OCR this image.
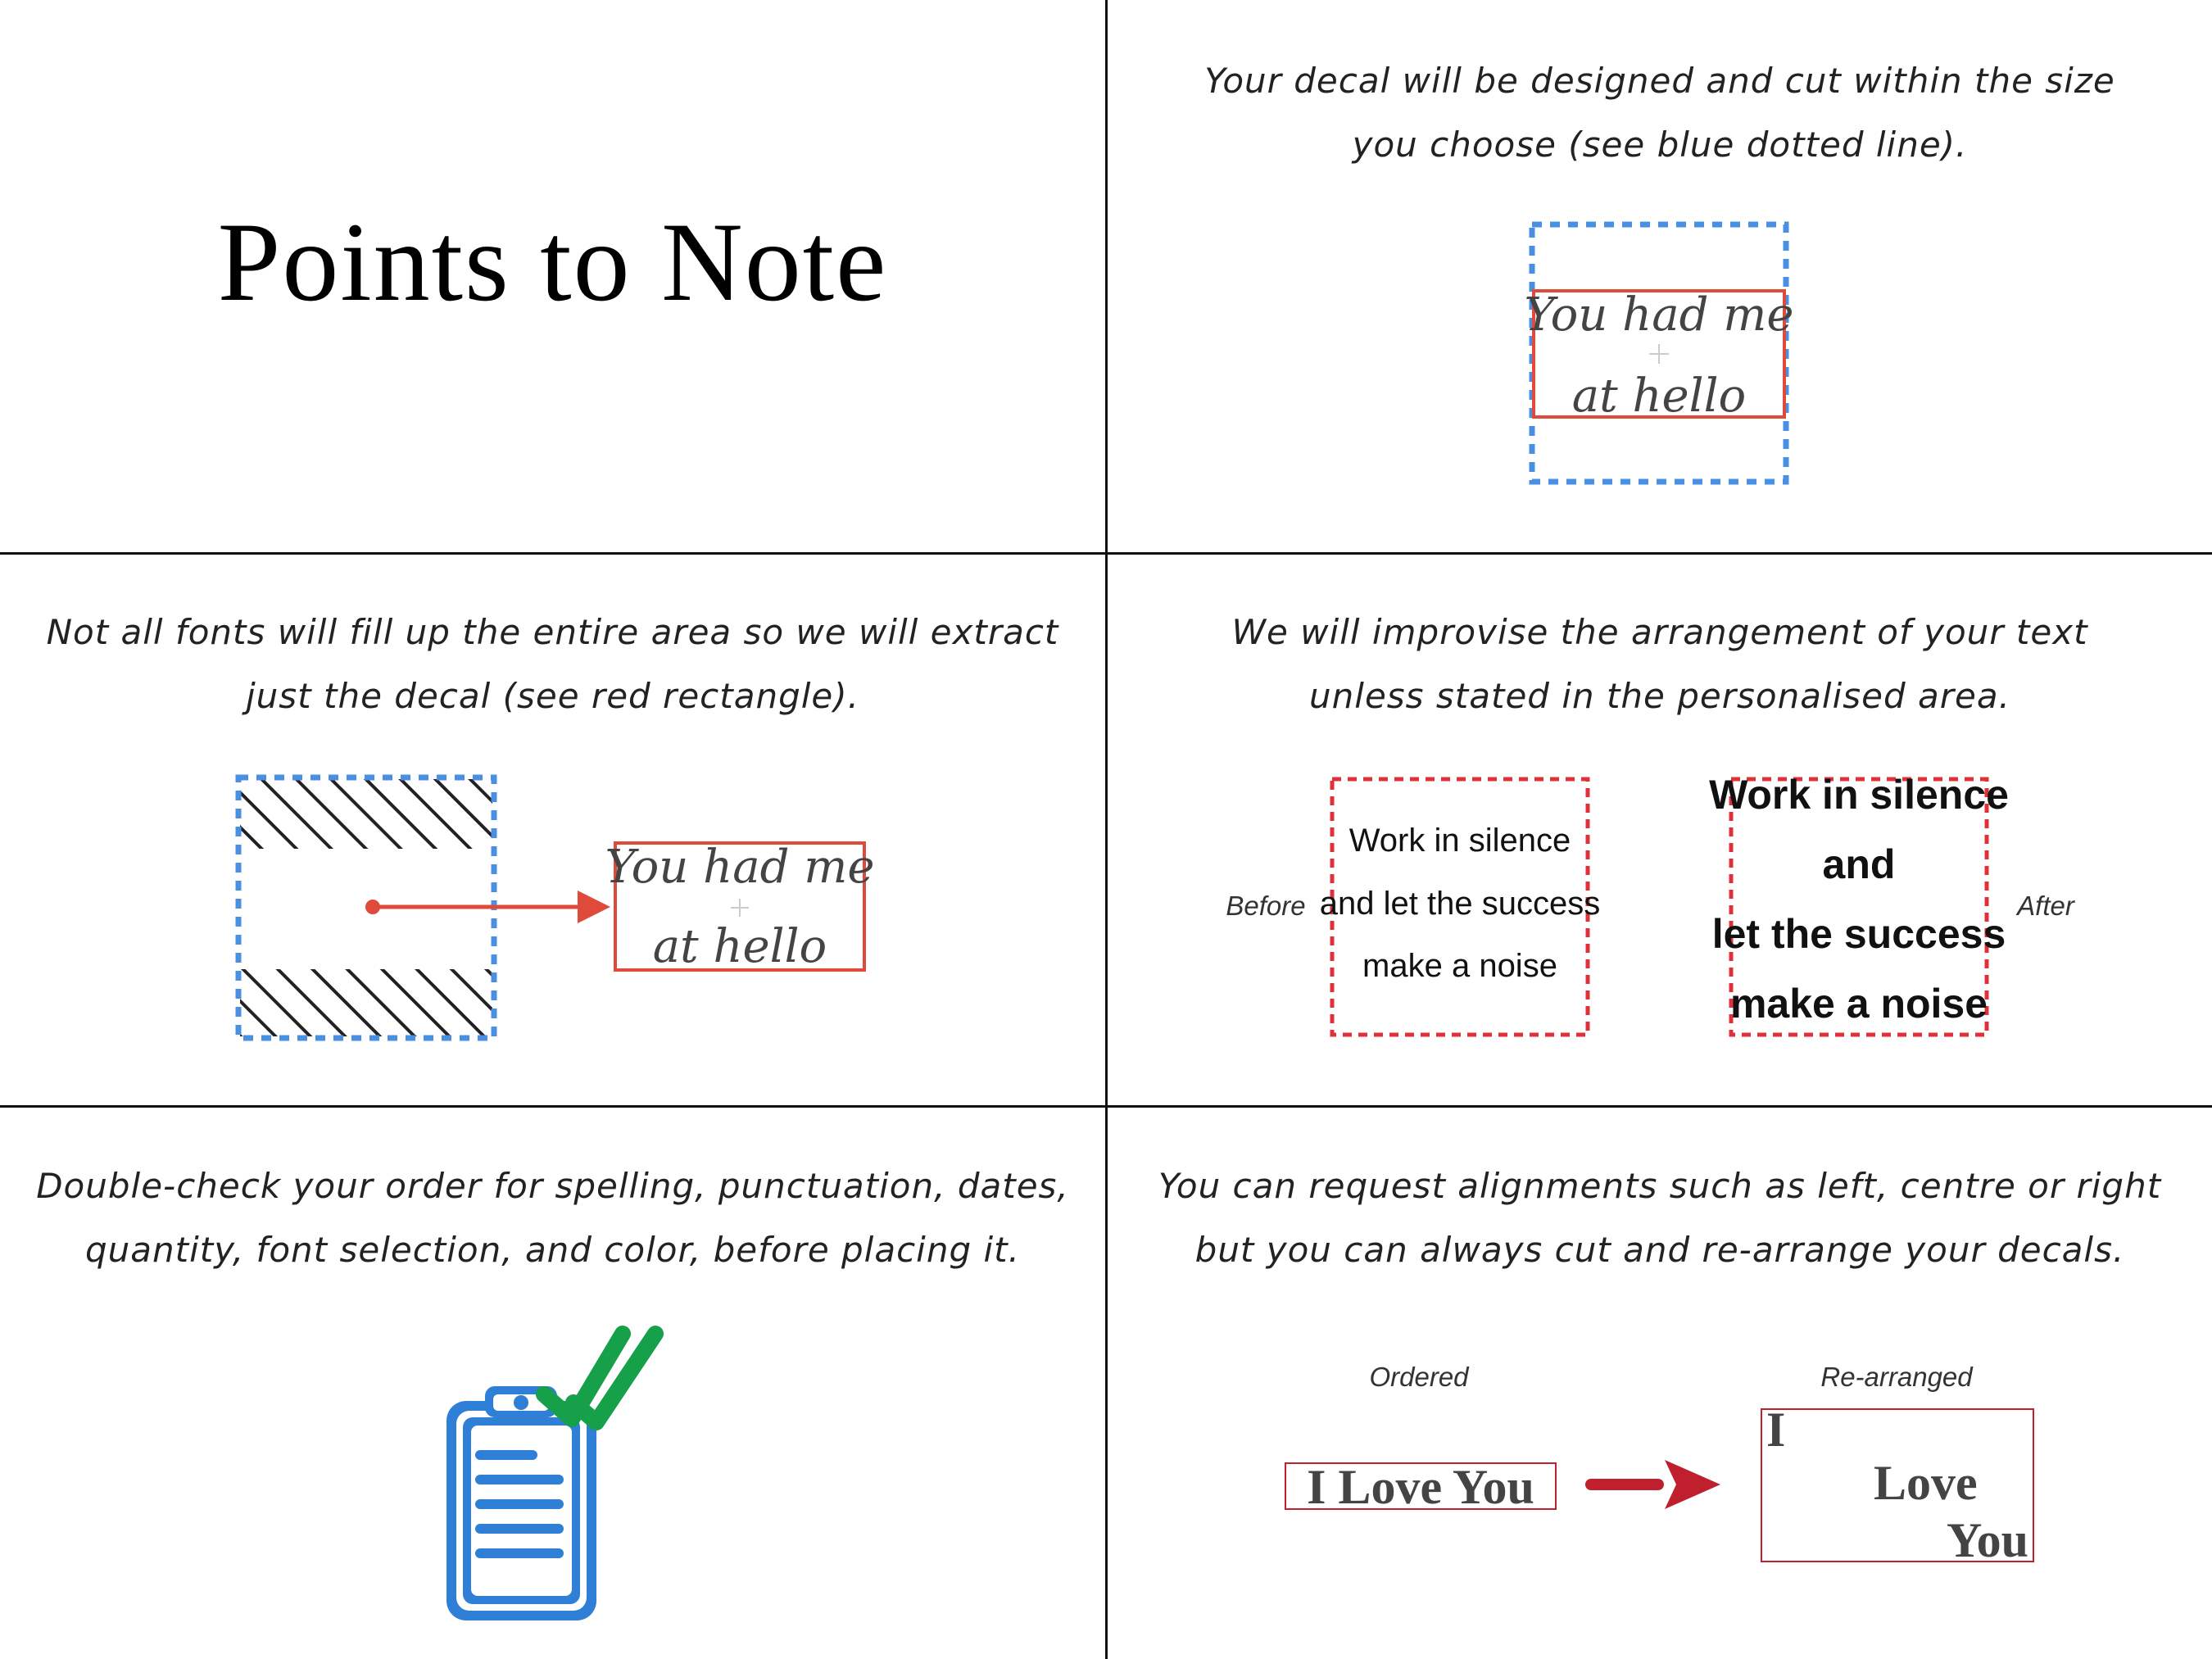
Points to Note
Your decal will be designed and cut within the size
you choose (see blue dotted line).
You had me
at hello
Not all fonts will fill up the entire area so we will extract
just the decal (see red rectangle).
You had me
at hello
We will improvise the arrangement of your text
unless stated in the personalised area.
Before
Work in silence
and let the success
make a noise
Work in silence
and
let the success
make a noise
After
Double-check your order for spelling, punctuation, dates,
quantity, font selection, and color, before placing it.
You can request alignments such as left, centre or right
but you can always cut and re-arrange your decals.
Ordered
I Love You
Re-arranged
I
Love
You
